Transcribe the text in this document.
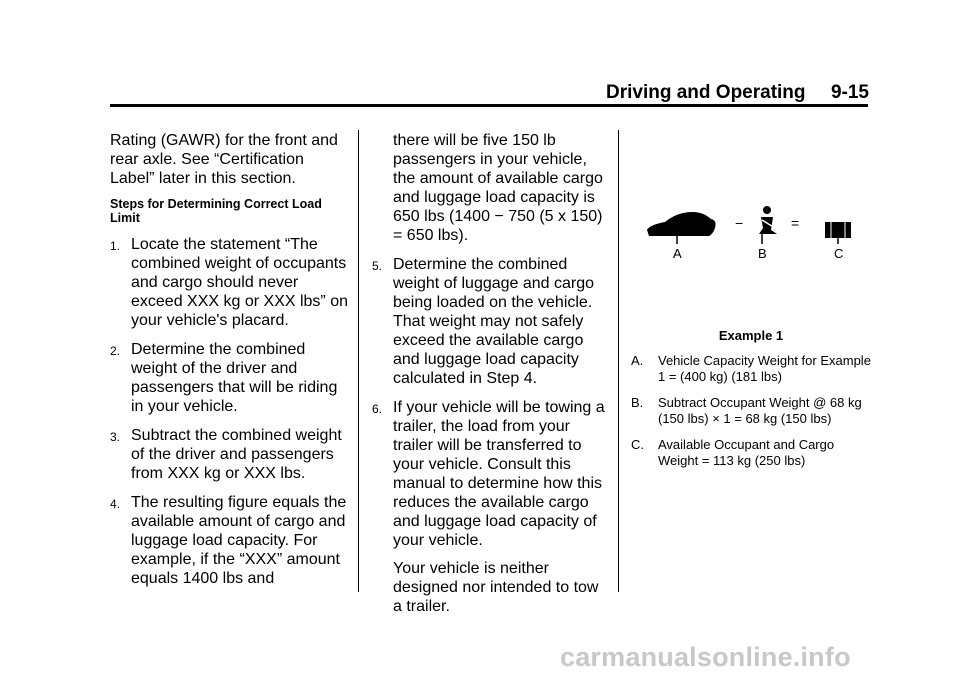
Driving and Operating 9-15

Rating (GAWR) for the front and rear axle. See “Certification Label” later in this section.

Steps for Determining Correct Load Limit

1. Locate the statement “The combined weight of occupants and cargo should never exceed XXX kg or XXX lbs” on your vehicle's placard.
2. Determine the combined weight of the driver and passengers that will be riding in your vehicle.
3. Subtract the combined weight of the driver and passengers from XXX kg or XXX lbs.
4. The resulting figure equals the available amount of cargo and luggage load capacity. For example, if the “XXX” amount equals 1400 lbs and
there will be five 150 lb passengers in your vehicle, the amount of available cargo and luggage load capacity is 650 lbs (1400 − 750 (5 x 150) = 650 lbs).
5. Determine the combined weight of luggage and cargo being loaded on the vehicle. That weight may not safely exceed the available cargo and luggage load capacity calculated in Step 4.
6. If your vehicle will be towing a trailer, the load from your trailer will be transferred to your vehicle. Consult this manual to determine how this reduces the available cargo and luggage load capacity of your vehicle.

Your vehicle is neither designed nor intended to tow a trailer.

−	=
A	B	C
Example 1
A. Vehicle Capacity Weight for Example 1 = (400 kg) (181 lbs)
B. Subtract Occupant Weight @ 68 kg (150 lbs) × 1 = 68 kg (150 lbs)
C. Available Occupant and Cargo Weight = 113 kg (250 lbs)
carmanualsonline.info
